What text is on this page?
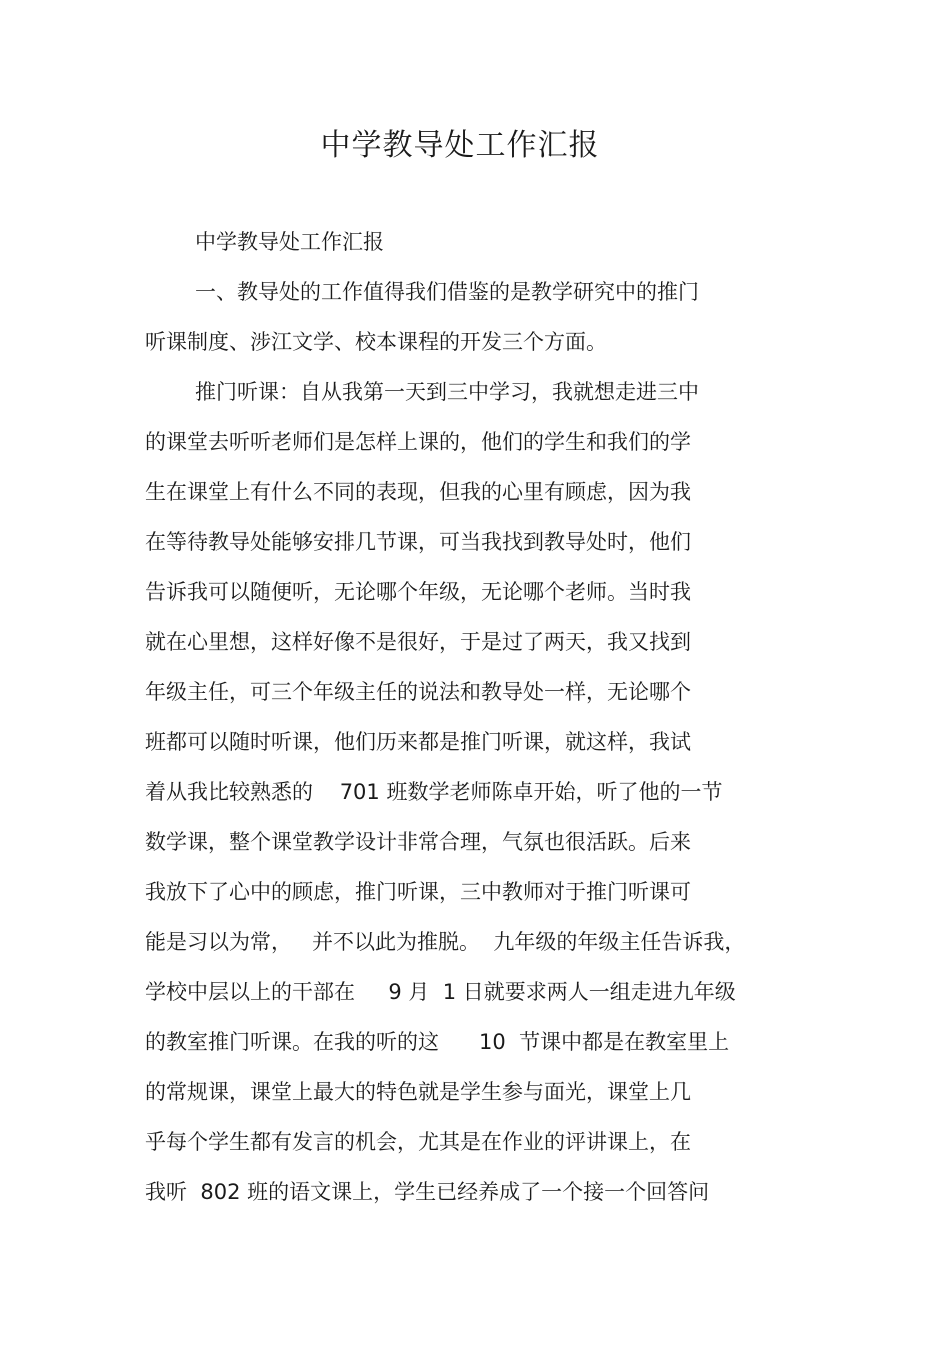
中学教导处工作汇报

中学教导处工作汇报

一、教导处的工作值得我们借鉴的是教学研究中的推门

听课制度、涉江文学、校本课程的开发三个方面。

推门听课：自从我第一天到三中学习，我就想走进三中

的课堂去听听老师们是怎样上课的，他们的学生和我们的学

生在课堂上有什么不同的表现，但我的心里有顾虑，因为我

在等待教导处能够安排几节课，可当我找到教导处时，他们

告诉我可以随便听，无论哪个年级，无论哪个老师。当时我

就在心里想，这样好像不是很好，于是过了两天，我又找到

年级主任，可三个年级主任的说法和教导处一样，无论哪个

班都可以随时听课，他们历来都是推门听课，就这样，我试

着从我比较熟悉的    701 班数学老师陈卓开始，听了他的一节

数学课，整个课堂教学设计非常合理，气氛也很活跃。后来

我放下了心中的顾虑，推门听课，三中教师对于推门听课可

能是习以为常，   并不以此为推脱。  九年级的年级主任告诉我，

学校中层以上的干部在     9 月  1 日就要求两人一组走进九年级

的教室推门听课。在我的听的这      10  节课中都是在教室里上

的常规课，课堂上最大的特色就是学生参与面光，课堂上几

乎每个学生都有发言的机会，尤其是在作业的评讲课上，在

我听  802 班的语文课上，学生已经养成了一个接一个回答问
